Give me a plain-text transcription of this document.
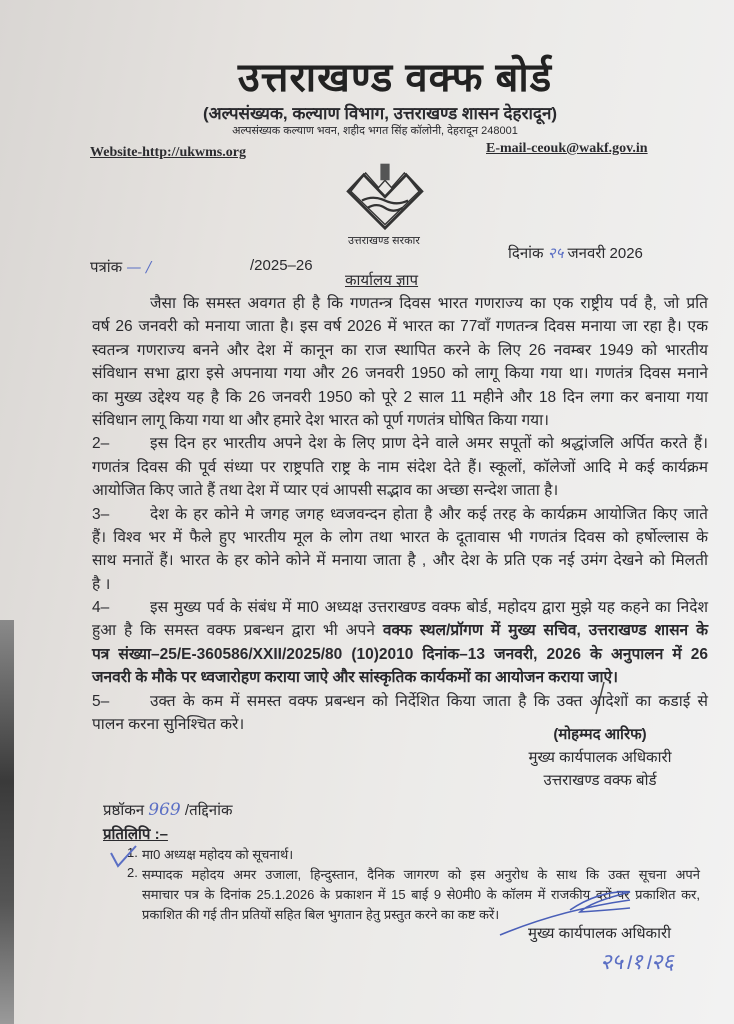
उत्तराखण्ड वक्फ बोर्ड
(अल्पसंख्यक, कल्याण विभाग, उत्तराखण्ड शासन देहरादून)
अल्पसंख्यक कल्याण भवन, शहीद भगत सिंह कॉलोनी, देहरादून 248001
Website-http://ukwms.org	E-mail-ceouk@wakf.gov.in
उत्तराखण्ड सरकार
पत्रांक — /	/2025–26
दिनांक २५ जनवरी 2026
कार्यालय ज्ञाप
जैसा कि समस्त अवगत ही है कि गणतन्त्र दिवस भारत गणराज्य का एक राष्ट्रीय पर्व है, जो प्रति
वर्ष 26 जनवरी को मनाया जाता है। इस वर्ष 2026 में भारत का 77वाँ गणतन्त्र दिवस मनाया जा रहा है। एक
स्वतन्त्र गणराज्य बनने और देश में कानून का राज स्थापित करने के लिए 26 नवम्बर 1949 को भारतीय
संविधान सभा द्वारा इसे अपनाया गया और 26 जनवरी 1950 को लागू किया गया था। गणतंत्र दिवस मनाने
का मुख्य उद्देश्य यह है कि 26 जनवरी 1950 को पूरे 2 साल 11 महीने और 18 दिन लगा कर बनाया गया
संविधान लागू किया गया था और हमारे देश भारत को पूर्ण गणतंत्र घोषित किया गया।
2–	इस दिन हर भारतीय अपने देश के लिए प्राण देने वाले अमर सपूतों को श्रद्धांजलि अर्पित करते हैं।
गणतंत्र दिवस की पूर्व संध्या पर राष्ट्रपति राष्ट्र के नाम संदेश देते हैं। स्कूलों, कॉलेजों आदि मे कई कार्यक्रम
आयोजित किए जाते हैं तथा देश में प्यार एवं आपसी सद्भाव का अच्छा सन्देश जाता है।
3–	देश के हर कोने मे जगह जगह ध्वजवन्दन होता है और कई तरह के कार्यक्रम आयोजित किए जाते
हैं। विश्व भर में फैले हुए भारतीय मूल के लोग तथा भारत के दूतावास भी गणतंत्र दिवस को हर्षोल्लास के
साथ मनातें हैं। भारत के हर कोने कोने में मनाया जाता है , और देश के प्रति एक नई उमंग देखने को मिलती
है ।
4–	इस मुख्य पर्व के संबंध में मा0 अध्यक्ष उत्तराखण्ड वक्फ बोर्ड, महोदय द्वारा मुझे यह कहने का निदेश
हुआ है कि समस्त वक्फ प्रबन्धन द्वारा भी अपने वक्फ स्थल/प्रॉगण में मुख्य सचिव, उत्तराखण्ड शासन के
पत्र संख्या–25/E-360586/XXII/2025/80 (10)2010 दिनांक–13 जनवरी, 2026 के अनुपालन में 26
जनवरी के मौके पर ध्वजारोहण कराया जाऐ और सांस्कृतिक कार्यकमों का आयोजन कराया जाऐ।
5–	उक्त के कम में समस्त वक्फ प्रबन्धन को निर्देशित किया जाता है कि उक्त आदेशों का कडाई से
पालन करना सुनिश्चित करे।
(मोहम्मद आरिफ)
मुख्य कार्यपालक अधिकारी
उत्तराखण्ड वक्फ बोर्ड
प्रष्ठॉकन 969 /तद्दिनांक
प्रतिलिपि :–
1. मा0 अध्यक्ष महोदय को सूचनार्थ।
2. सम्पादक महोदय अमर उजाला, हिन्दुस्तान, दैनिक जागरण को इस अनुरोध के साथ कि उक्त सूचना अपने
समाचार पत्र के दिनांक 25.1.2026 के प्रकाशन में 15 बाई 9 से0मी0 के कॉलम में राजकीय दरों पर प्रकाशित कर,
प्रकाशित की गई तीन प्रतियों सहित बिल भुगतान हेतु प्रस्तुत करने का कष्ट करें।
मुख्य कार्यपालक अधिकारी
२५।१।२६
